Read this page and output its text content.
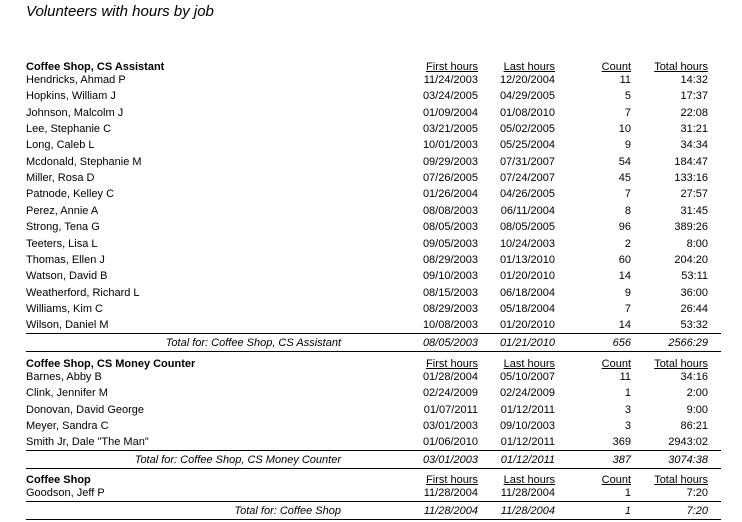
Volunteers with hours by job
Coffee Shop, CS Assistant	First hours Last hours	Count Total hours
Hendricks, Ahmad P	11/24/2003 12/20/2004	11	14:32
Hopkins, William J	03/24/2005 04/29/2005	5	17:37
Johnson, Malcolm J	01/09/2004 01/08/2010	7	22:08
Lee, Stephanie C	03/21/2005 05/02/2005	10	31:21
Long, Caleb L	10/01/2003 05/25/2004	9	34:34
Mcdonald, Stephanie M	09/29/2003 07/31/2007	54	184:47
Miller, Rosa D	07/26/2005 07/24/2007	45	133:16
Patnode, Kelley C	01/26/2004 04/26/2005	7	27:57
Perez, Annie A	08/08/2003 06/11/2004	8	31:45
Strong, Tena G	08/05/2003 08/05/2005	96	389:26
Teeters, Lisa L	09/05/2003 10/24/2003	2	8:00
Thomas, Ellen J	08/29/2003 01/13/2010	60	204:20
Watson, David B	09/10/2003 01/20/2010	14	53:11
Weatherford, Richard L	08/15/2003 06/18/2004	9	36:00
Williams, Kim C	08/29/2003 05/18/2004	7	26:44
Wilson, Daniel M	10/08/2003 01/20/2010	14	53:32
Total for: Coffee Shop, CS Assistant	08/05/2003 01/21/2010	656	2566:29
Coffee Shop, CS Money Counter	First hours Last hours	Count Total hours
Barnes, Abby B	01/28/2004 05/10/2007	11	34:16
Clink, Jennifer M	02/24/2009 02/24/2009	1	2:00
Donovan, David George	01/07/2011 01/12/2011	3	9:00
Meyer, Sandra C	03/01/2003 09/10/2003	3	86:21
Smith Jr, Dale "The Man"	01/06/2010 01/12/2011	369	2943:02
Total for: Coffee Shop, CS Money Counter	03/01/2003 01/12/2011	387	3074:38
Coffee Shop	First hours Last hours	Count Total hours
Goodson, Jeff P	11/28/2004 11/28/2004	1	7:20
Total for: Coffee Shop	11/28/2004 11/28/2004	1	7:20
